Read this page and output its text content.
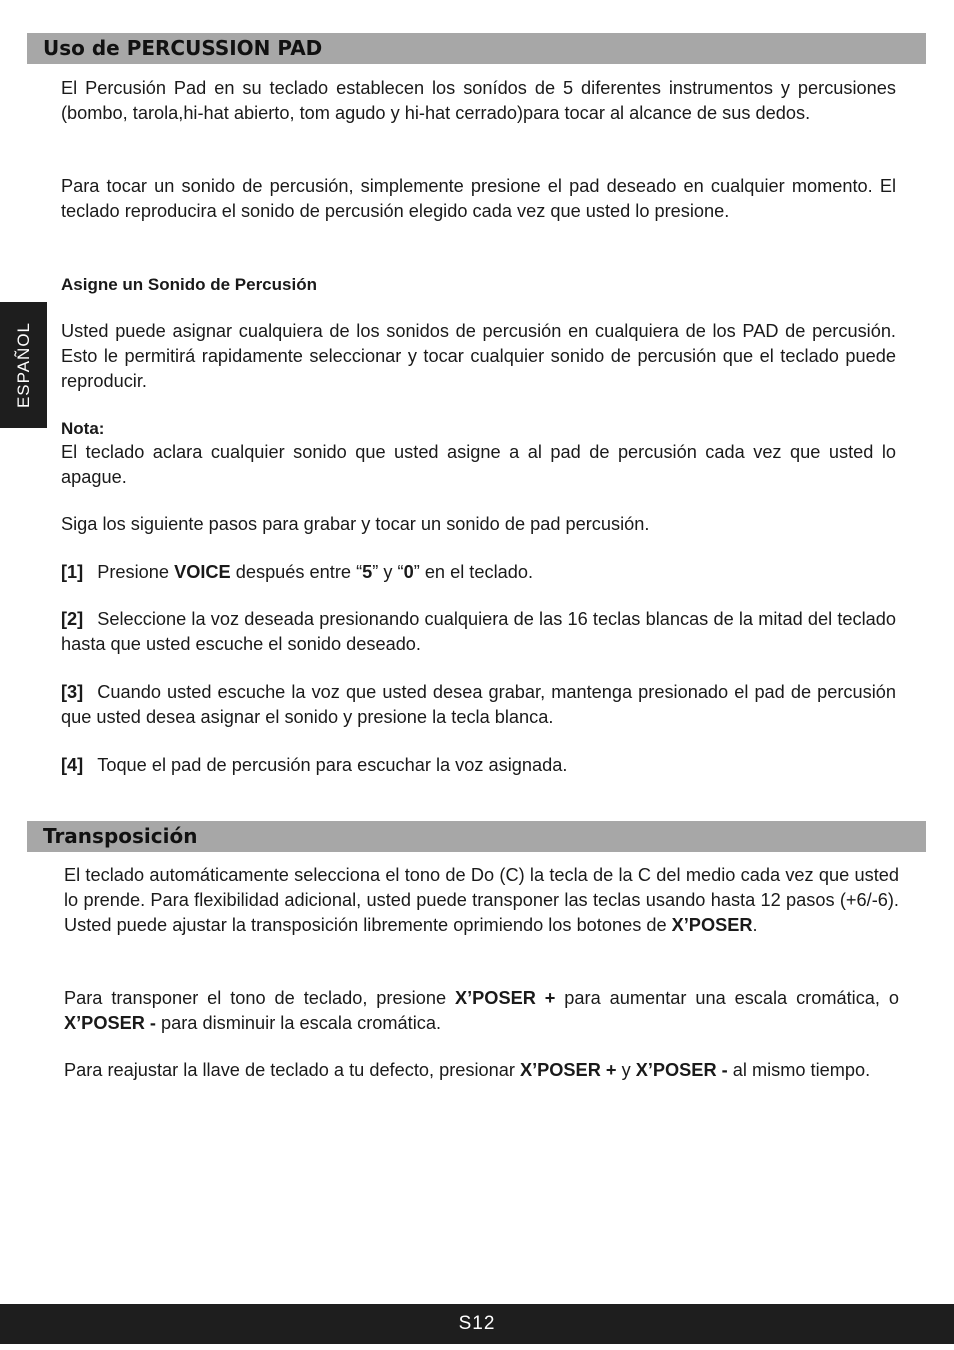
Uso de PERCUSSION PAD
ESPAÑOL

El Percusión Pad en su teclado establecen los sonídos de 5 diferentes instrumentos y percusiones (bombo, tarola,hi-hat abierto, tom agudo y hi-hat cerrado)para tocar al alcance de sus dedos.

Para tocar un sonido de percusión, simplemente presione el pad deseado en cualquier momento. El teclado reproducira el sonido de percusión elegido cada vez que usted lo presione.

Asigne un Sonido de Percusión

Usted puede asignar cualquiera de los sonidos de percusión en cualquiera de los PAD de percusión. Esto le permitirá rapidamente seleccionar y tocar cualquier sonido de percusión que el teclado puede reproducir.

Nota:

El teclado aclara cualquier sonido que usted asigne a al pad de percusión cada vez que usted lo apague.

Siga los siguiente pasos para grabar y tocar un sonido de pad percusión.

[1] Presione VOICE después entre “5” y “0” en el teclado.

[2] Seleccione la voz deseada presionando cualquiera de las 16 teclas blancas de la mitad del teclado hasta que usted escuche el sonido deseado.

[3] Cuando usted escuche la voz que usted desea grabar, mantenga presionado el pad de percusión que usted desea asignar el sonido y presione la tecla blanca.

[4] Toque el pad de percusión para escuchar la voz asignada.

Transposición

El teclado automáticamente selecciona el tono de Do (C) la tecla de la C del medio cada vez que usted lo prende. Para flexibilidad adicional, usted puede transponer las teclas usando hasta 12 pasos (+6/-6). Usted puede ajustar la transposición libremente oprimiendo los botones de X’POSER.

Para transponer el tono de teclado, presione X’POSER + para aumentar una escala cromática, o X’POSER - para disminuir la escala cromática.

Para reajustar la llave de teclado a tu defecto, presionar X’POSER + y X’POSER - al mismo tiempo.

S12
